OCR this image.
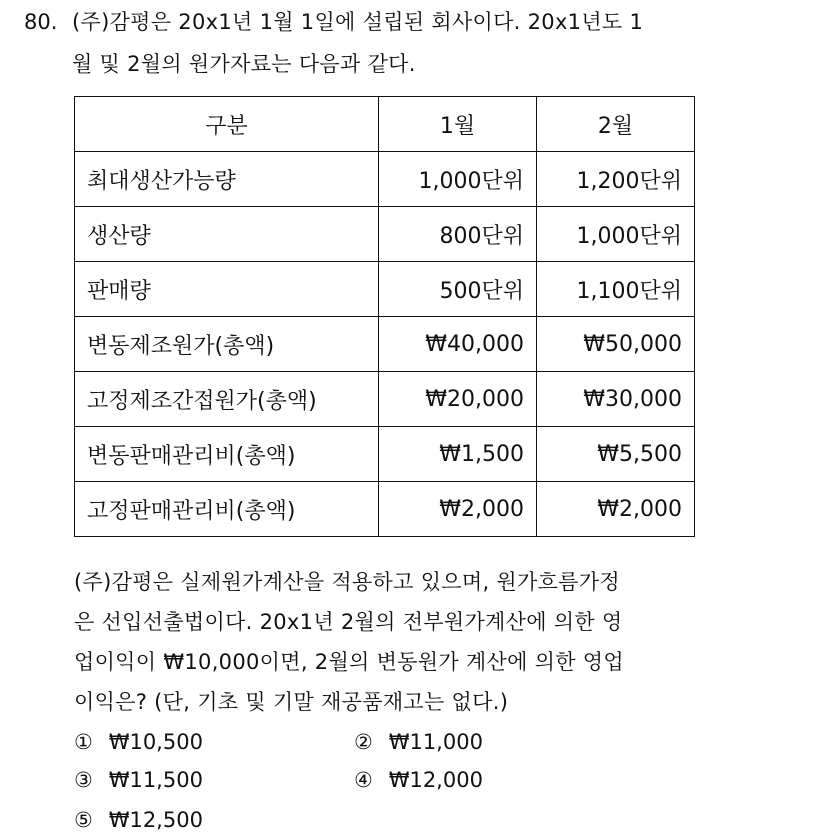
80. (주)감평은 20x1년 1월 1일에 설립된 회사이다. 20x1년도 1
월 및 2월의 원가자료는 다음과 같다.
구분	1월	2월
최대생산가능량	1,000단위	1,200단위
생산량	800단위	1,000단위
판매량	500단위	1,100단위
변동제조원가(총액)	₩40,000	₩50,000
고정제조간접원가(총액)	₩20,000	₩30,000
변동판매관리비(총액)	₩1,500	₩5,500
고정판매관리비(총액)	₩2,000	₩2,000
(주)감평은 실제원가계산을 적용하고 있으며, 원가흐름가정
은 선입선출법이다. 20x1년 2월의 전부원가계산에 의한 영
업이익이 ₩10,000이면, 2월의 변동원가 계산에 의한 영업
이익은? (단, 기초 및 기말 재공품재고는 없다.)
① ₩10,500	② ₩11,000
③ ₩11,500	④ ₩12,000
⑤ ₩12,500
